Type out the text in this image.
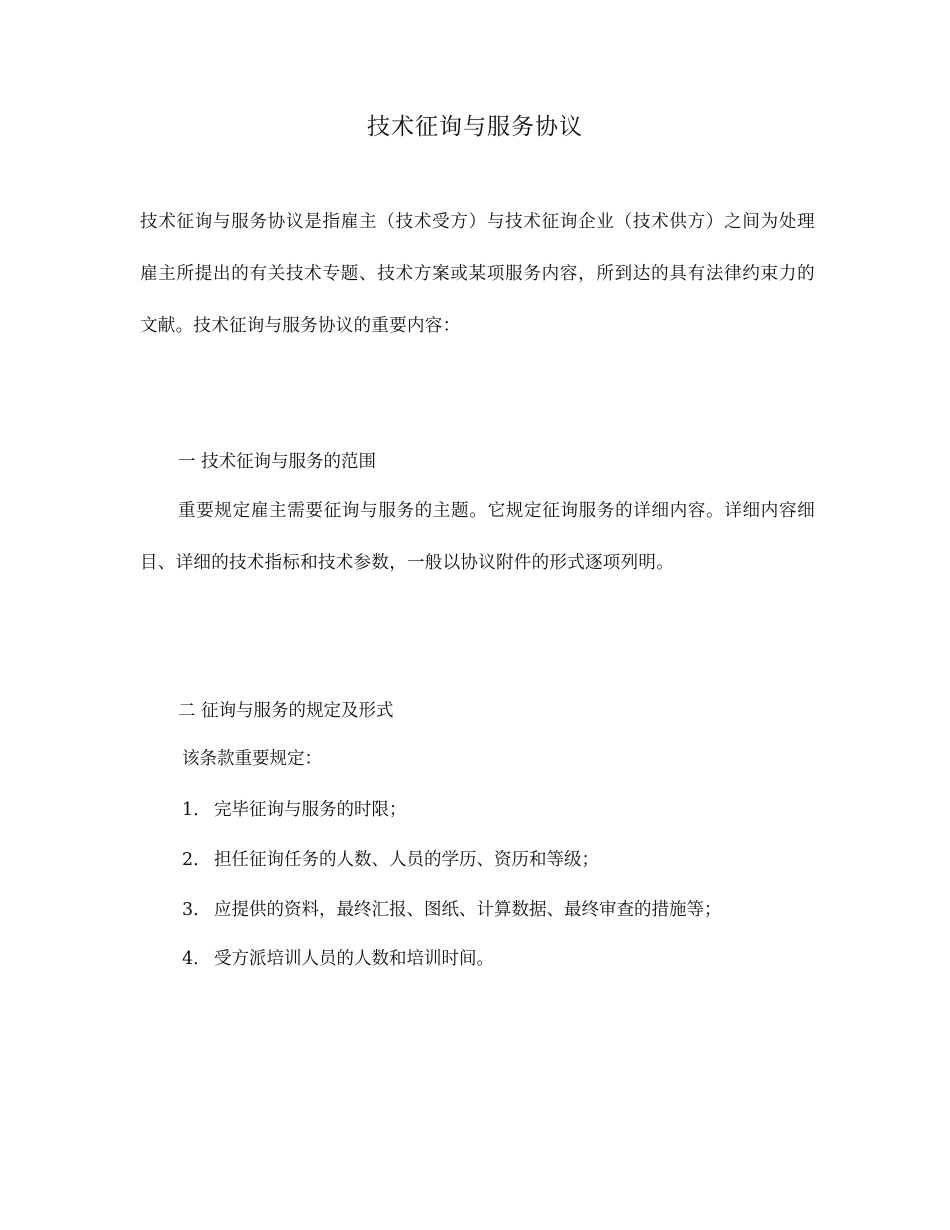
技术征询与服务协议
技术征询与服务协议是指雇主（技术受方）与技术征询企业（技术供方）之间为处理雇主所提出的有关技术专题、技术方案或某项服务内容，所到达的具有法律约束力的文献。技术征询与服务协议的重要内容：
一 技术征询与服务的范围
重要规定雇主需要征询与服务的主题。它规定征询服务的详细内容。详细内容细目、详细的技术指标和技术参数，一般以协议附件的形式逐项列明。
二 征询与服务的规定及形式
该条款重要规定：
1． 完毕征询与服务的时限；
2． 担任征询任务的人数、人员的学历、资历和等级；
3． 应提供的资料，最终汇报、图纸、计算数据、最终审查的措施等；
4． 受方派培训人员的人数和培训时间。
